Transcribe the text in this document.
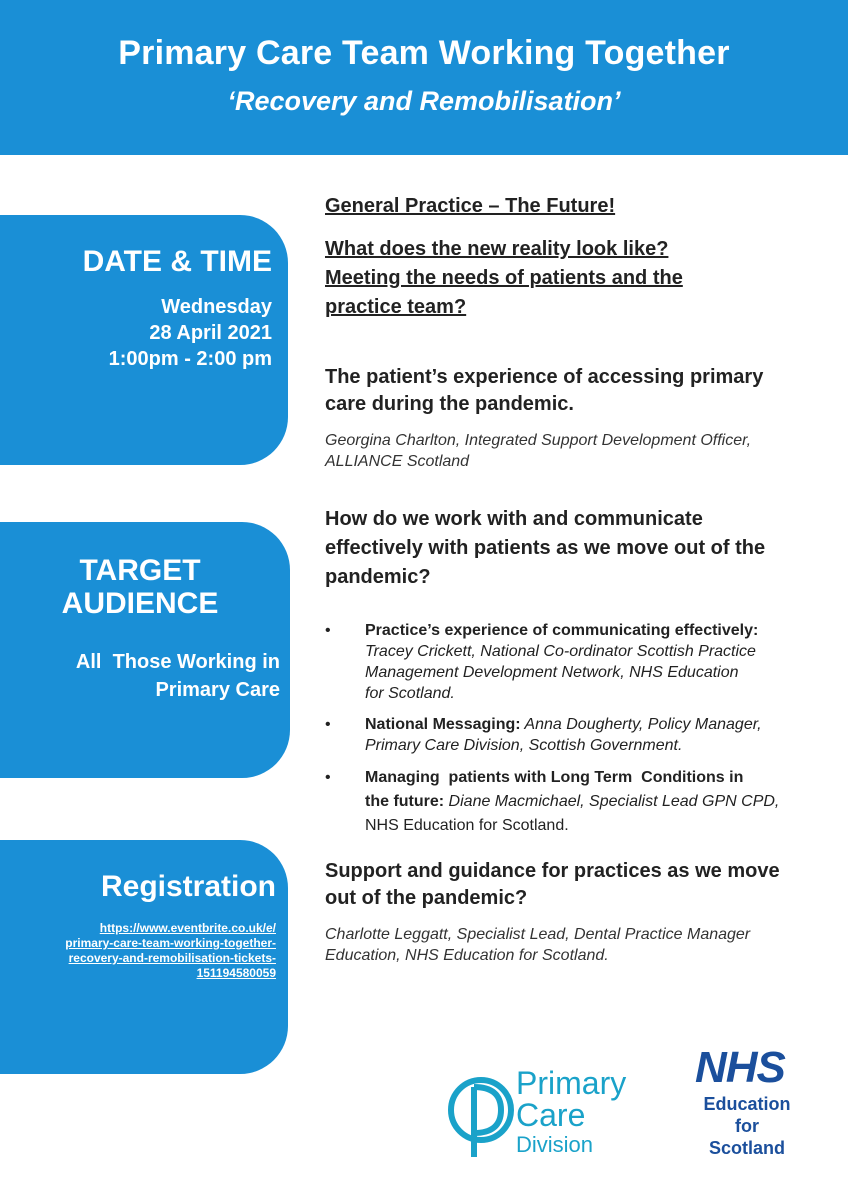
Primary Care Team Working Together
‘Recovery and Remobilisation’
DATE & TIME
Wednesday
28 April 2021
1:00pm - 2:00 pm
TARGET AUDIENCE
All  Those Working in
Primary Care
Registration
https://www.eventbrite.co.uk/e/
primary-care-team-working-together-
recovery-and-remobilisation-tickets-
151194580059
General Practice – The Future!
What does the new reality look like?
Meeting the needs of patients and the
practice team?
The patient’s experience of accessing primary
care during the pandemic.
Georgina Charlton, Integrated Support Development Officer,
ALLIANCE Scotland
How do we work with and communicate
effectively with patients as we move out of the
pandemic?
• Practice’s experience of communicating effectively:
Tracey Crickett, National Co-ordinator Scottish Practice
Management Development Network, NHS Education
for Scotland.
• National Messaging: Anna Dougherty, Policy Manager,
Primary Care Division, Scottish Government.
• Managing  patients with Long Term  Conditions in
the future: Diane Macmichael, Specialist Lead GPN CPD,
NHS Education for Scotland.
Support and guidance for practices as we move
out of the pandemic?
Charlotte Leggatt, Specialist Lead, Dental Practice Manager
Education, NHS Education for Scotland.
Primary
Care
Division
NHS
Education
for
Scotland
